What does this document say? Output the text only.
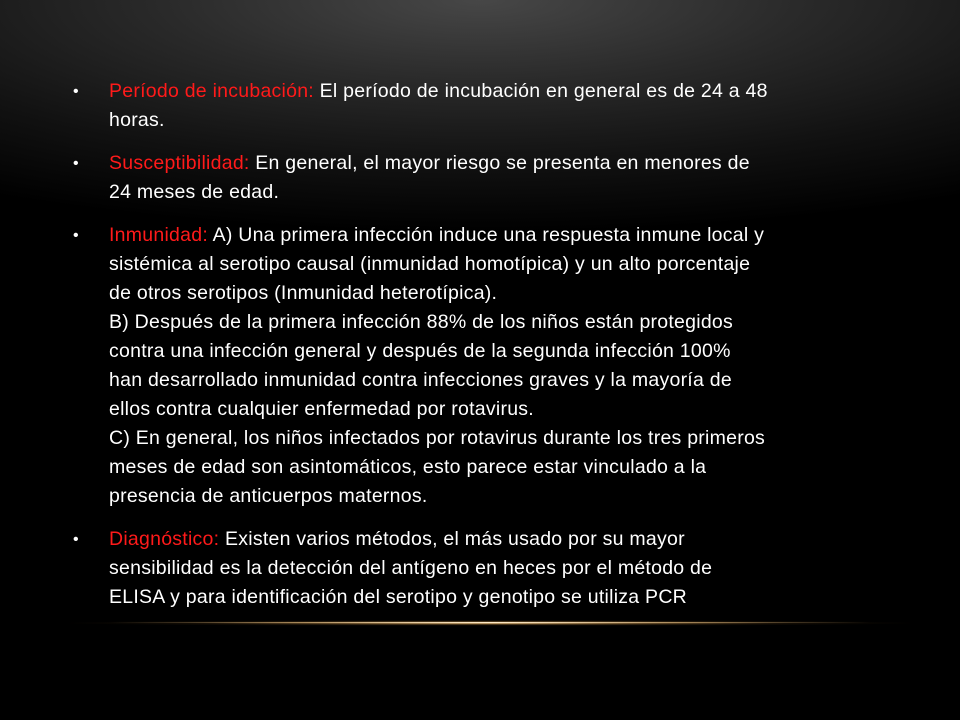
• Período de incubación: El período de incubación en general es de 24 a 48
horas.
• Susceptibilidad: En general, el mayor riesgo se presenta en menores de
24 meses de edad.
• Inmunidad: A) Una primera infección induce una respuesta inmune local y
sistémica al serotipo causal (inmunidad homotípica) y un alto porcentaje
de otros serotipos (Inmunidad heterotípica).
B) Después de la primera infección 88% de los niños están protegidos
contra una infección general y después de la segunda infección 100%
han desarrollado inmunidad contra infecciones graves y la mayoría de
ellos contra cualquier enfermedad por rotavirus.
C) En general, los niños infectados por rotavirus durante los tres primeros
meses de edad son asintomáticos, esto parece estar vinculado a la
presencia de anticuerpos maternos.
• Diagnóstico: Existen varios métodos, el más usado por su mayor
sensibilidad es la detección del antígeno en heces por el método de
ELISA y para identificación del serotipo y genotipo se utiliza PCR
